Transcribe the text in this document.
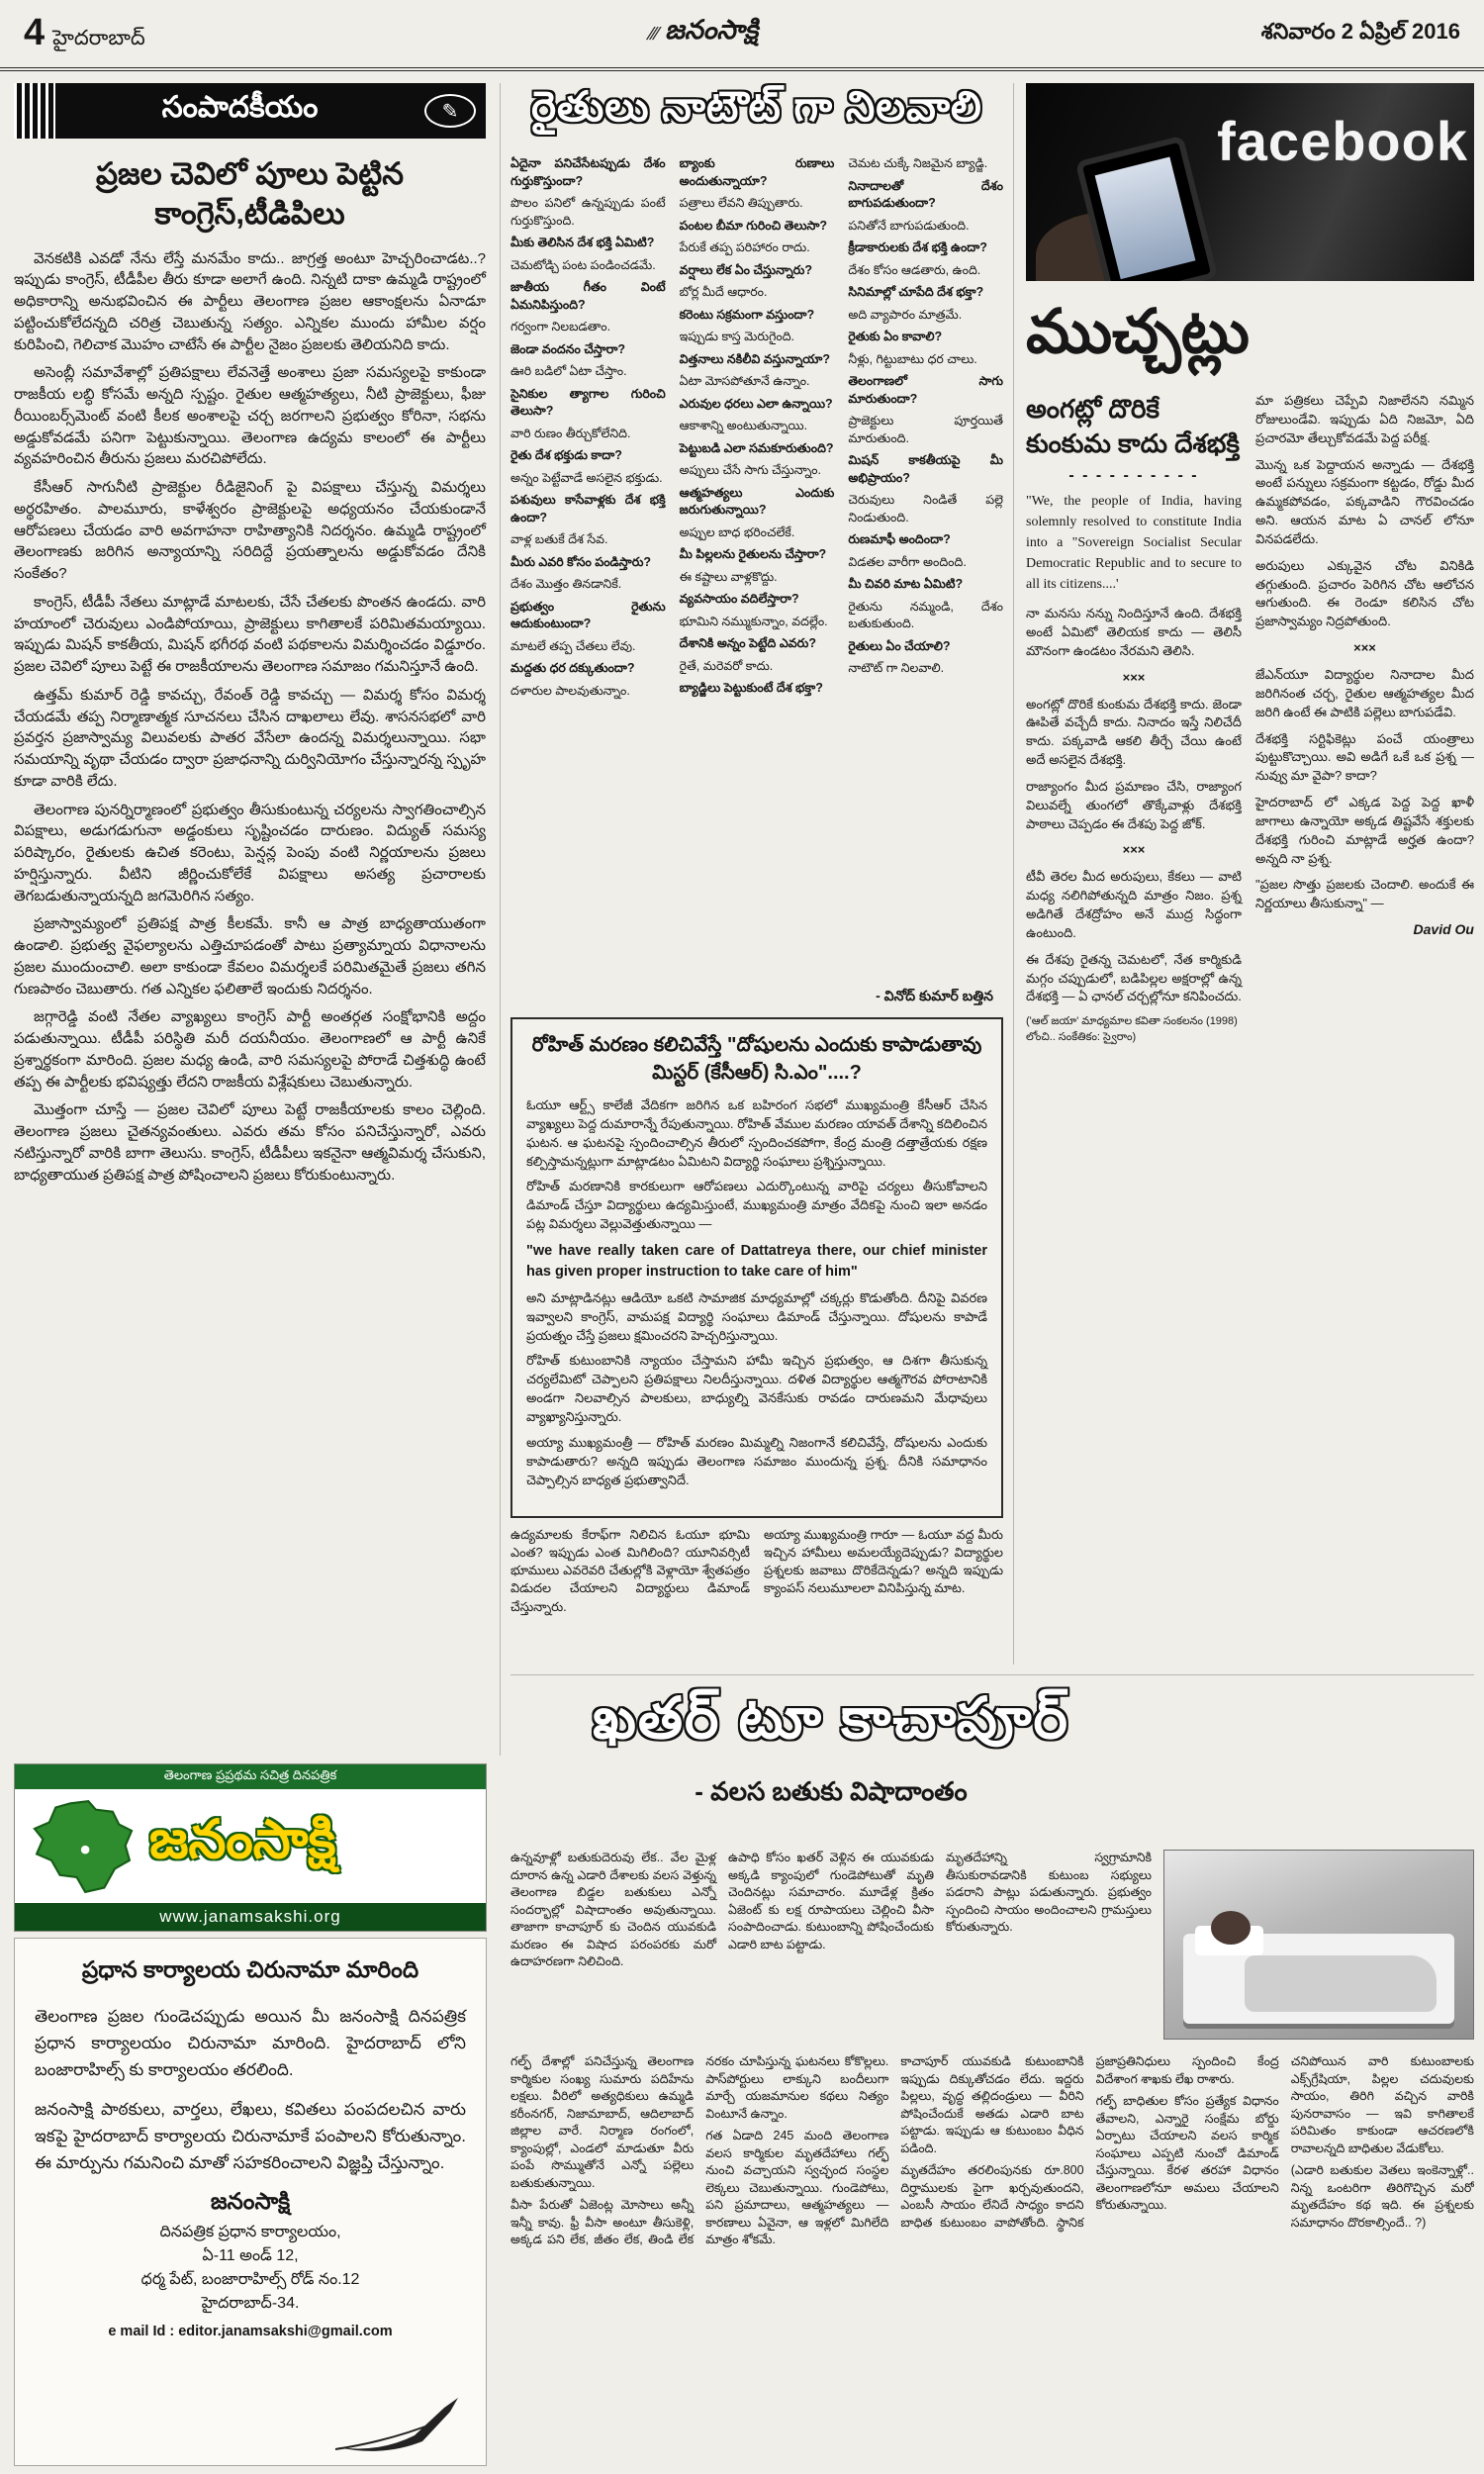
4 హైదరాబాద్	/// జనంసాక్షి	శనివారం 2 ఏప్రిల్ 2016
సంపాదకీయం	✎
ప్రజల చెవిలో పూలు పెట్టిన కాంగ్రెస్,టీడిపిలు

వెనకటికి ఎవడో నేను లేస్తే మనమేం కాదు.. జాగ్రత్త అంటూ హెచ్చరించాడట..? ఇప్పుడు కాంగ్రెస్, టీడీపీల తీరు కూడా అలాగే ఉంది. నిన్నటి దాకా ఉమ్మడి రాష్ట్రంలో అధికారాన్ని అనుభవించిన ఈ పార్టీలు తెలంగాణ ప్రజల ఆకాంక్షలను ఏనాడూ పట్టించుకోలేదన్నది చరిత్ర చెబుతున్న సత్యం. ఎన్నికల ముందు హామీల వర్షం కురిపించి, గెలిచాక మొహం చాటేసే ఈ పార్టీల నైజం ప్రజలకు తెలియనిది కాదు.

అసెంబ్లీ సమావేశాల్లో ప్రతిపక్షాలు లేవనెత్తే అంశాలు ప్రజా సమస్యలపై కాకుండా రాజకీయ లబ్ధి కోసమే అన్నది స్పష్టం. రైతుల ఆత్మహత్యలు, నీటి ప్రాజెక్టులు, ఫీజు రీయింబర్స్‌మెంట్ వంటి కీలక అంశాలపై చర్చ జరగాలని ప్రభుత్వం కోరినా, సభను అడ్డుకోవడమే పనిగా పెట్టుకున్నాయి. తెలంగాణ ఉద్యమ కాలంలో ఈ పార్టీలు వ్యవహరించిన తీరును ప్రజలు మరచిపోలేదు.

కేసీఆర్ సాగునీటి ప్రాజెక్టుల రీడిజైనింగ్ పై విపక్షాలు చేస్తున్న విమర్శలు అర్థరహితం. పాలమూరు, కాళేశ్వరం ప్రాజెక్టులపై అధ్యయనం చేయకుండానే ఆరోపణలు చేయడం వారి అవగాహనా రాహిత్యానికి నిదర్శనం. ఉమ్మడి రాష్ట్రంలో తెలంగాణకు జరిగిన అన్యాయాన్ని సరిదిద్దే ప్రయత్నాలను అడ్డుకోవడం దేనికి సంకేతం?

కాంగ్రెస్, టీడీపీ నేతలు మాట్లాడే మాటలకు, చేసే చేతలకు పొంతన ఉండదు. వారి హయాంలో చెరువులు ఎండిపోయాయి, ప్రాజెక్టులు కాగితాలకే పరిమితమయ్యాయి. ఇప్పుడు మిషన్ కాకతీయ, మిషన్ భగీరథ వంటి పథకాలను విమర్శించడం విడ్డూరం. ప్రజల చెవిలో పూలు పెట్టే ఈ రాజకీయాలను తెలంగాణ సమాజం గమనిస్తూనే ఉంది.

ఉత్తమ్ కుమార్ రెడ్డి కావచ్చు, రేవంత్ రెడ్డి కావచ్చు — విమర్శ కోసం విమర్శ చేయడమే తప్ప నిర్మాణాత్మక సూచనలు చేసిన దాఖలాలు లేవు. శాసనసభలో వారి ప్రవర్తన ప్రజాస్వామ్య విలువలకు పాతర వేసేలా ఉందన్న విమర్శలున్నాయి. సభా సమయాన్ని వృథా చేయడం ద్వారా ప్రజాధనాన్ని దుర్వినియోగం చేస్తున్నారన్న స్పృహ కూడా వారికి లేదు.

తెలంగాణ పునర్నిర్మాణంలో ప్రభుత్వం తీసుకుంటున్న చర్యలను స్వాగతించాల్సిన విపక్షాలు, అడుగడుగునా అడ్డంకులు సృష్టించడం దారుణం. విద్యుత్ సమస్య పరిష్కారం, రైతులకు ఉచిత కరెంటు, పెన్షన్ల పెంపు వంటి నిర్ణయాలను ప్రజలు హర్షిస్తున్నారు. వీటిని జీర్ణించుకోలేకే విపక్షాలు అసత్య ప్రచారాలకు తెగబడుతున్నాయన్నది జగమెరిగిన సత్యం.

ప్రజాస్వామ్యంలో ప్రతిపక్ష పాత్ర కీలకమే. కానీ ఆ పాత్ర బాధ్యతాయుతంగా ఉండాలి. ప్రభుత్వ వైఫల్యాలను ఎత్తిచూపడంతో పాటు ప్రత్యామ్నాయ విధానాలను ప్రజల ముందుంచాలి. అలా కాకుండా కేవలం విమర్శలకే పరిమితమైతే ప్రజలు తగిన గుణపాఠం చెబుతారు. గత ఎన్నికల ఫలితాలే ఇందుకు నిదర్శనం.

జగ్గారెడ్డి వంటి నేతల వ్యాఖ్యలు కాంగ్రెస్ పార్టీ అంతర్గత సంక్షోభానికి అద్దం పడుతున్నాయి. టీడీపీ పరిస్థితి మరీ దయనీయం. తెలంగాణలో ఆ పార్టీ ఉనికే ప్రశ్నార్థకంగా మారింది. ప్రజల మధ్య ఉండి, వారి సమస్యలపై పోరాడే చిత్తశుద్ధి ఉంటే తప్ప ఈ పార్టీలకు భవిష్యత్తు లేదని రాజకీయ విశ్లేషకులు చెబుతున్నారు.

మొత్తంగా చూస్తే — ప్రజల చెవిలో పూలు పెట్టే రాజకీయాలకు కాలం చెల్లింది. తెలంగాణ ప్రజలు చైతన్యవంతులు. ఎవరు తమ కోసం పనిచేస్తున్నారో, ఎవరు నటిస్తున్నారో వారికి బాగా తెలుసు. కాంగ్రెస్, టీడీపీలు ఇకనైనా ఆత్మవిమర్శ చేసుకుని, బాధ్యతాయుత ప్రతిపక్ష పాత్ర పోషించాలని ప్రజలు కోరుకుంటున్నారు.

తెలంగాణ ప్రప్రథమ సచిత్ర దినపత్రిక
జనంసాక్షి
www.janamsakshi.org
ప్రధాన కార్యాలయ చిరునామా మారింది

తెలంగాణ ప్రజల గుండెచప్పుడు అయిన మీ జనంసాక్షి దినపత్రిక ప్రధాన కార్యాలయం చిరునామా మారింది. హైదరాబాద్ లోని బంజారాహిల్స్ కు కార్యాలయం తరలింది.

జనంసాక్షి పాఠకులు, వార్తలు, లేఖలు, కవితలు పంపదలచిన వారు ఇకపై హైదరాబాద్ కార్యాలయ చిరునామాకే పంపాలని కోరుతున్నాం. ఈ మార్పును గమనించి మాతో సహకరించాలని విజ్ఞప్తి చేస్తున్నాం.

జనంసాక్షి

దినపత్రిక ప్రధాన కార్యాలయం,

ఏ-11 అండ్ 12,

ధర్మ పేట్, బంజారాహిల్స్ రోడ్ నం.12

హైదరాబాద్-34.

e mail Id : editor.janamsakshi@gmail.com
రైతులు నాటౌట్ గా నిలవాలి

ఏదైనా పనిచేసేటప్పుడు దేశం గుర్తుకొస్తుందా?

పొలం పనిలో ఉన్నప్పుడు పంటే గుర్తుకొస్తుంది.

మీకు తెలిసిన దేశ భక్తి ఏమిటి?

చెమటోడ్చి పంట పండించడమే.

జాతీయ గీతం వింటే ఏమనిపిస్తుంది?

గర్వంగా నిలబడతాం.

జెండా వందనం చేస్తారా?

ఊరి బడిలో ఏటా చేస్తాం.

సైనికుల త్యాగాల గురించి తెలుసా?

వారి రుణం తీర్చుకోలేనిది.

రైతు దేశ భక్తుడు కాదా?

అన్నం పెట్టేవాడే అసలైన భక్తుడు.

పశువులు కాసేవాళ్లకు దేశ భక్తి ఉందా?

వాళ్ల బతుకే దేశ సేవ.

మీరు ఎవరి కోసం పండిస్తారు?

దేశం మొత్తం తినడానికే.

ప్రభుత్వం రైతును ఆదుకుంటుందా?

మాటలే తప్ప చేతలు లేవు.

మద్దతు ధర దక్కుతుందా?

దళారుల పాలవుతున్నాం.

బ్యాంకు రుణాలు అందుతున్నాయా?

పత్రాలు లేవని తిప్పుతారు.

పంటల బీమా గురించి తెలుసా?

పేరుకే తప్ప పరిహారం రాదు.

వర్షాలు లేక ఏం చేస్తున్నారు?

బోర్ల మీదే ఆధారం.

కరెంటు సక్రమంగా వస్తుందా?

ఇప్పుడు కాస్త మెరుగైంది.

విత్తనాలు నకిలీవి వస్తున్నాయా?

ఏటా మోసపోతూనే ఉన్నాం.

ఎరువుల ధరలు ఎలా ఉన్నాయి?

ఆకాశాన్ని అంటుతున్నాయి.

పెట్టుబడి ఎలా సమకూరుతుంది?

అప్పులు చేసే సాగు చేస్తున్నాం.

ఆత్మహత్యలు ఎందుకు జరుగుతున్నాయి?

అప్పుల బాధ భరించలేకే.

మీ పిల్లలను రైతులను చేస్తారా?

ఈ కష్టాలు వాళ్లకొద్దు.

వ్యవసాయం వదిలేస్తారా?

భూమిని నమ్ముకున్నాం, వదల్లేం.

దేశానికి అన్నం పెట్టేది ఎవరు?

రైతే, మరెవరో కాదు.

బ్యాడ్జిలు పెట్టుకుంటే దేశ భక్తా?

చెమట చుక్కే నిజమైన బ్యాడ్జి.

నినాదాలతో దేశం బాగుపడుతుందా?

పనితోనే బాగుపడుతుంది.

క్రీడాకారులకు దేశ భక్తి ఉందా?

దేశం కోసం ఆడతారు, ఉంది.

సినిమాల్లో చూపేది దేశ భక్తా?

అది వ్యాపారం మాత్రమే.

రైతుకు ఏం కావాలి?

నీళ్లు, గిట్టుబాటు ధర చాలు.

తెలంగాణలో సాగు మారుతుందా?

ప్రాజెక్టులు పూర్తయితే మారుతుంది.

మిషన్ కాకతీయపై మీ అభిప్రాయం?

చెరువులు నిండితే పల్లె నిండుతుంది.

రుణమాఫీ అందిందా?

విడతల వారీగా అందింది.

మీ చివరి మాట ఏమిటి?

రైతును నమ్మండి, దేశం బతుకుతుంది.

రైతులు ఏం చేయాలి?

నాటౌట్ గా నిలవాలి.

- వినోద్ కుమార్ బత్తిన
రోహిత్ మరణం కలిచివేస్తే "దోషులను ఎందుకు కాపాడుతావు మిస్టర్ (కేసీఆర్) సి.ఎం"....?

ఓయూ ఆర్ట్స్ కాలేజీ వేదికగా జరిగిన ఒక బహిరంగ సభలో ముఖ్యమంత్రి కేసీఆర్ చేసిన వ్యాఖ్యలు పెద్ద దుమారాన్నే రేపుతున్నాయి. రోహిత్ వేముల మరణం యావత్ దేశాన్ని కదిలించిన ఘటన. ఆ ఘటనపై స్పందించాల్సిన తీరులో స్పందించకపోగా, కేంద్ర మంత్రి దత్తాత్రేయకు రక్షణ కల్పిస్తామన్నట్లుగా మాట్లాడటం ఏమిటని విద్యార్థి సంఘాలు ప్రశ్నిస్తున్నాయి.

రోహిత్ మరణానికి కారకులుగా ఆరోపణలు ఎదుర్కొంటున్న వారిపై చర్యలు తీసుకోవాలని డిమాండ్ చేస్తూ విద్యార్థులు ఉద్యమిస్తుంటే, ముఖ్యమంత్రి మాత్రం వేదికపై నుంచి ఇలా అనడం పట్ల విమర్శలు వెల్లువెత్తుతున్నాయి —

"we have really taken care of Dattatreya there, our chief minister has given proper instruction to take care of him"

అని మాట్లాడినట్లు ఆడియో ఒకటి సామాజిక మాధ్యమాల్లో చక్కర్లు కొడుతోంది. దీనిపై వివరణ ఇవ్వాలని కాంగ్రెస్, వామపక్ష విద్యార్థి సంఘాలు డిమాండ్ చేస్తున్నాయి. దోషులను కాపాడే ప్రయత్నం చేస్తే ప్రజలు క్షమించరని హెచ్చరిస్తున్నాయి.

రోహిత్ కుటుంబానికి న్యాయం చేస్తామని హామీ ఇచ్చిన ప్రభుత్వం, ఆ దిశగా తీసుకున్న చర్యలేమిటో చెప్పాలని ప్రతిపక్షాలు నిలదీస్తున్నాయి. దళిత విద్యార్థుల ఆత్మగౌరవ పోరాటానికి అండగా నిలవాల్సిన పాలకులు, బాధ్యుల్ని వెనకేసుకు రావడం దారుణమని మేధావులు వ్యాఖ్యానిస్తున్నారు.

అయ్యా ముఖ్యమంత్రీ — రోహిత్ మరణం మిమ్మల్ని నిజంగానే కలిచివేస్తే, దోషులను ఎందుకు కాపాడుతారు? అన్నది ఇప్పుడు తెలంగాణ సమాజం ముందున్న ప్రశ్న. దీనికి సమాధానం చెప్పాల్సిన బాధ్యత ప్రభుత్వానిదే.

ఉద్యమాలకు కేరాఫ్‌గా నిలిచిన ఓయూ భూమి ఎంత? ఇప్పుడు ఎంత మిగిలింది? యూనివర్సిటీ భూములు ఎవరెవరి చేతుల్లోకి వెళ్లాయో శ్వేతపత్రం విడుదల చేయాలని విద్యార్థులు డిమాండ్ చేస్తున్నారు.

అయ్యా ముఖ్యమంత్రి గారూ — ఓయూ వద్ద మీరు ఇచ్చిన హామీలు అమలయ్యేదెప్పుడు? విద్యార్థుల ప్రశ్నలకు జవాబు దొరికేదెన్నడు? అన్నది ఇప్పుడు క్యాంపస్ నలుమూలలా వినిపిస్తున్న మాట.

ఖతర్ టూ కాచాపూర్
- వలస బతుకు విషాదాంతం

ఉన్నవూళ్లో బతుకుదెరువు లేక.. వేల మైళ్ల దూరాన ఉన్న ఎడారి దేశాలకు వలస వెళ్తున్న తెలంగాణ బిడ్డల బతుకులు ఎన్నో సందర్భాల్లో విషాదాంతం అవుతున్నాయి. తాజాగా కాచాపూర్ కు చెందిన యువకుడి మరణం ఈ విషాద పరంపరకు మరో ఉదాహరణగా నిలిచింది.

ఉపాధి కోసం ఖతర్ వెళ్లిన ఈ యువకుడు అక్కడి క్యాంపులో గుండెపోటుతో మృతి చెందినట్లు సమాచారం. మూడేళ్ల క్రితం ఏజెంట్ కు లక్ష రూపాయలు చెల్లించి వీసా సంపాదించాడు. కుటుంబాన్ని పోషించేందుకు ఎడారి బాట పట్టాడు.

మృతదేహాన్ని స్వగ్రామానికి తీసుకురావడానికి కుటుంబ సభ్యులు పడరాని పాట్లు పడుతున్నారు. ప్రభుత్వం స్పందించి సాయం అందించాలని గ్రామస్తులు కోరుతున్నారు.

గల్ఫ్ దేశాల్లో పనిచేస్తున్న తెలంగాణ కార్మికుల సంఖ్య సుమారు పదిహేను లక్షలు. వీరిలో అత్యధికులు ఉమ్మడి కరీంనగర్, నిజామాబాద్, ఆదిలాబాద్ జిల్లాల వారే. నిర్మాణ రంగంలో, క్యాంపుల్లో, ఎండలో మాడుతూ వీరు పంపే సొమ్ముతోనే ఎన్నో పల్లెలు బతుకుతున్నాయి.

వీసా పేరుతో ఏజెంట్ల మోసాలు అన్నీ ఇన్నీ కావు. ఫ్రీ వీసా అంటూ తీసుకెళ్లి, అక్కడ పని లేక, జీతం లేక, తిండి లేక నరకం చూపిస్తున్న ఘటనలు కోకొల్లలు. పాస్‌పోర్టులు లాక్కుని బందీలుగా మార్చే యజమానుల కథలు నిత్యం వింటూనే ఉన్నాం.

గత ఏడాది 245 మంది తెలంగాణ వలస కార్మికుల మృతదేహాలు గల్ఫ్ నుంచి వచ్చాయని స్వచ్ఛంద సంస్థల లెక్కలు చెబుతున్నాయి. గుండెపోటు, పని ప్రమాదాలు, ఆత్మహత్యలు — కారణాలు ఏవైనా, ఆ ఇళ్లలో మిగిలేది మాత్రం శోకమే.

కాచాపూర్ యువకుడి కుటుంబానికి ఇప్పుడు దిక్కుతోచడం లేదు. ఇద్దరు పిల్లలు, వృద్ధ తల్లిదండ్రులు — వీరిని పోషించేందుకే అతడు ఎడారి బాట పట్టాడు. ఇప్పుడు ఆ కుటుంబం వీధిన పడింది.

మృతదేహం తరలింపునకు రూ.800 దిర్హాములకు పైగా ఖర్చవుతుందని, ఎంబసీ సాయం లేనిదే సాధ్యం కాదని బాధిత కుటుంబం వాపోతోంది. స్థానిక ప్రజాప్రతినిధులు స్పందించి కేంద్ర విదేశాంగ శాఖకు లేఖ రాశారు.

గల్ఫ్ బాధితుల కోసం ప్రత్యేక విధానం తేవాలని, ఎన్నారై సంక్షేమ బోర్డు ఏర్పాటు చేయాలని వలస కార్మిక సంఘాలు ఎప్పటి నుంచో డిమాండ్ చేస్తున్నాయి. కేరళ తరహా విధానం తెలంగాణలోనూ అమలు చేయాలని కోరుతున్నాయి.

చనిపోయిన వారి కుటుంబాలకు ఎక్స్‌గ్రేషియా, పిల్లల చదువులకు సాయం, తిరిగి వచ్చిన వారికి పునరావాసం — ఇవి కాగితాలకే పరిమితం కాకుండా ఆచరణలోకి రావాలన్నది బాధితుల వేడుకోలు.

(ఎడారి బతుకుల వెతలు ఇంకెన్నాళ్లో.. నిన్న ఒంటరిగా తిరిగొచ్చిన మరో మృతదేహం కథ ఇది. ఈ ప్రశ్నలకు సమాధానం దొరకాల్సిందే.. ?)

facebook
ముచ్చట్లు
అంగట్లో దొరికే కుంకుమ కాదు దేశభక్తి
- - - - - - - - - -
"We, the people of India, having solemnly resolved to constitute India into a "Sovereign Socialist Secular Democratic Republic and to secure to all its citizens....'

నా మనసు నన్ను నిందిస్తూనే ఉంది. దేశభక్తి అంటే ఏమిటో తెలియక కాదు — తెలిసీ మౌనంగా ఉండటం నేరమని తెలిసి.

×××

అంగట్లో దొరికే కుంకుమ దేశభక్తి కాదు. జెండా ఊపితే వచ్చేదీ కాదు. నినాదం ఇస్తే నిలిచేదీ కాదు. పక్కవాడి ఆకలి తీర్చే చేయి ఉంటే అదే అసలైన దేశభక్తి.

రాజ్యాంగం మీద ప్రమాణం చేసి, రాజ్యాంగ విలువల్నే తుంగలో తొక్కేవాళ్లు దేశభక్తి పాఠాలు చెప్పడం ఈ దేశపు పెద్ద జోక్.

×××

టీవీ తెరల మీద అరుపులు, కేకలు — వాటి మధ్య నలిగిపోతున్నది మాత్రం నిజం. ప్రశ్న అడిగితే దేశద్రోహం అనే ముద్ర సిద్ధంగా ఉంటుంది.

ఈ దేశపు రైతన్న చెమటలో, నేత కార్మికుడి మగ్గం చప్పుడులో, బడిపిల్లల అక్షరాల్లో ఉన్న దేశభక్తి — ఏ ఛానల్ చర్చల్లోనూ కనిపించదు.

('ఆల్ జయా' మాధ్యమాల కవితా సంకలనం (1998) లోంచి.. సంకేతికం: స్వైరాం)

మా పత్రికలు చెప్పేవి నిజాలేనని నమ్మిన రోజులుండేవి. ఇప్పుడు ఏది నిజమో, ఏది ప్రచారమో తేల్చుకోవడమే పెద్ద పరీక్ష.

మొన్న ఒక పెద్దాయన అన్నాడు — దేశభక్తి అంటే పన్నులు సక్రమంగా కట్టడం, రోడ్డు మీద ఉమ్మకపోవడం, పక్కవాడిని గౌరవించడం అని. ఆయన మాట ఏ చానల్ లోనూ వినపడలేదు.

అరుపులు ఎక్కువైన చోట వినికిడి తగ్గుతుంది. ప్రచారం పెరిగిన చోట ఆలోచన ఆగుతుంది. ఈ రెండూ కలిసిన చోట ప్రజాస్వామ్యం నిద్రపోతుంది.

×××

జేఎన్‌యూ విద్యార్థుల నినాదాల మీద జరిగినంత చర్చ, రైతుల ఆత్మహత్యల మీద జరిగి ఉంటే ఈ పాటికి పల్లెలు బాగుపడేవి.

దేశభక్తి సర్టిఫికెట్లు పంచే యంత్రాలు పుట్టుకొచ్చాయి. అవి అడిగే ఒకే ఒక ప్రశ్న — నువ్వు మా వైపా? కాదా?

హైదరాబాద్ లో ఎక్కడ పెద్ద పెద్ద ఖాళీ జాగాలు ఉన్నాయో అక్కడ తిష్టవేసే శక్తులకు దేశభక్తి గురించి మాట్లాడే అర్హత ఉందా? అన్నది నా ప్రశ్న.

"ప్రజల సొత్తు ప్రజలకు చెందాలి. అందుకే ఈ నిర్ణయాలు తీసుకున్నా" —

David Ou
